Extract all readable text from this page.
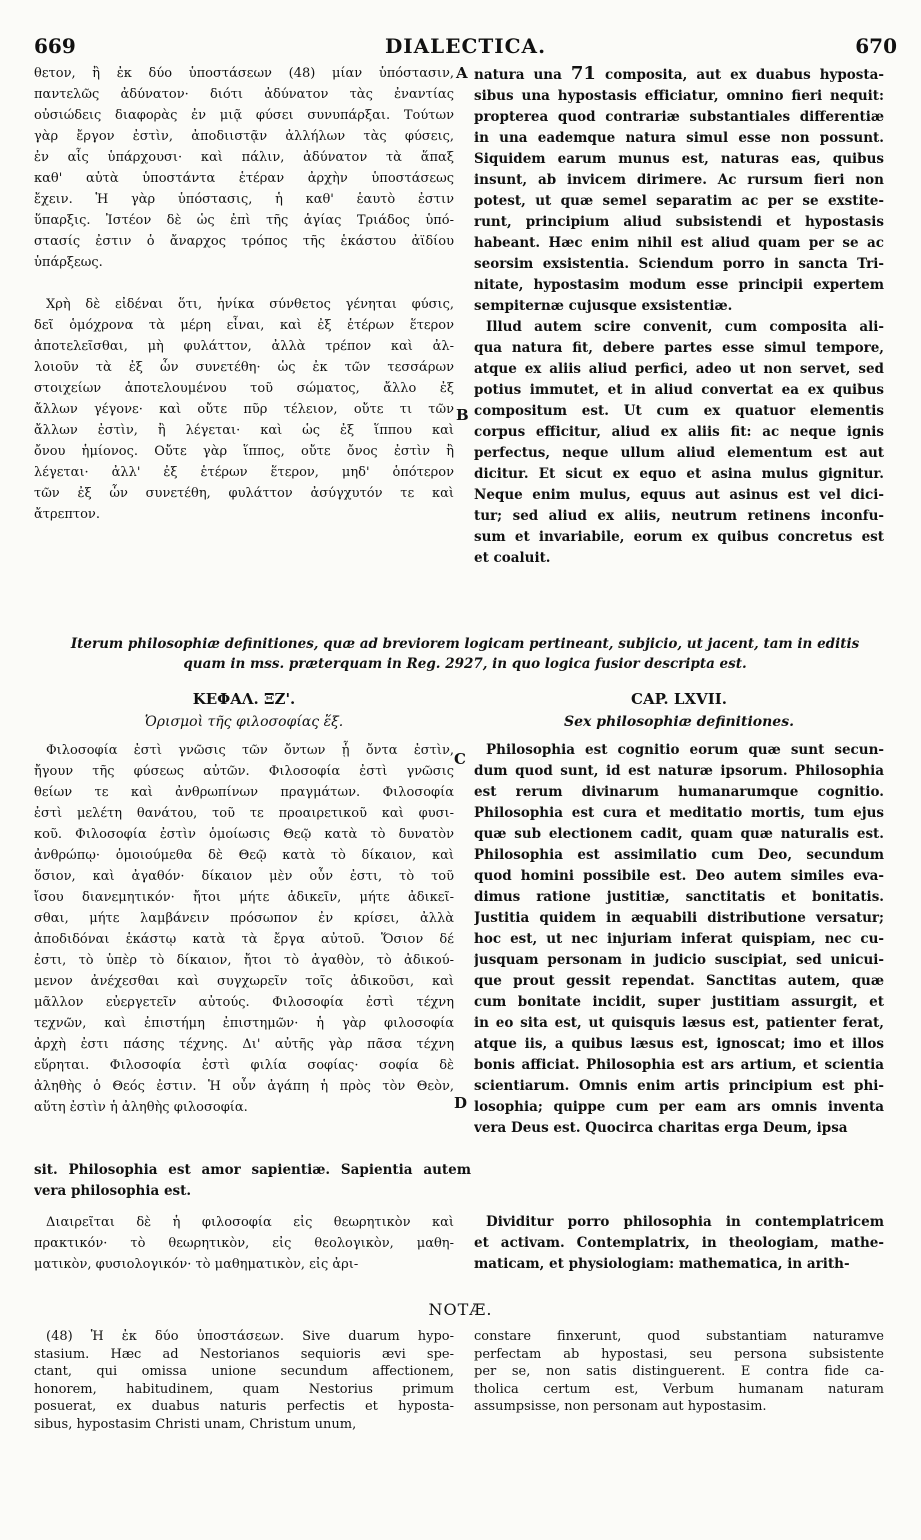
669	DIALECTICA.	670
θετον, ἢ ἐκ δύο ὑποστάσεων (48) μίαν ὑπόστασιν,
παντελῶς ἀδύνατον· διότι ἀδύνατον τὰς ἐναντίας
οὐσιώδεις διαφορὰς ἐν μιᾷ φύσει συνυπάρξαι. Τούτων
γὰρ ἔργον ἐστὶν, ἀποδιιστᾷν ἀλλήλων τὰς φύσεις,
ἐν αἷς ὑπάρχουσι· καὶ πάλιν, ἀδύνατον τὰ ἅπαξ
καθ' αὑτὰ ὑποστάντα ἑτέραν ἀρχὴν ὑποστάσεως
ἔχειν. Ἡ γὰρ ὑπόστασις, ἡ καθ' ἑαυτὸ ἐστιν
ὕπαρξις. Ἰστέον δὲ ὡς ἐπὶ τῆς ἁγίας Τριάδος ὑπό-
στασίς ἐστιν ὁ ἄναρχος τρόπος τῆς ἑκάστου ἀϊδίου
ὑπάρξεως.
Χρὴ δὲ εἰδέναι ὅτι, ἡνίκα σύνθετος γένηται φύσις,
δεῖ ὁμόχρονα τὰ μέρη εἶναι, καὶ ἐξ ἑτέρων ἕτερον
ἀποτελεῖσθαι, μὴ φυλάττον, ἀλλὰ τρέπον καὶ ἀλ-
λοιοῦν τὰ ἐξ ὧν συνετέθη· ὡς ἐκ τῶν τεσσάρων
στοιχείων ἀποτελουμένου τοῦ σώματος, ἄλλο ἐξ
ἄλλων γέγονε· καὶ οὔτε πῦρ τέλειον, οὔτε τι τῶν
ἄλλων ἐστὶν, ἢ λέγεται· καὶ ὡς ἐξ ἵππου καὶ
ὄνου ἡμίονος. Οὔτε γὰρ ἵππος, οὔτε ὄνος ἐστὶν ἢ
λέγεται· ἀλλ' ἐξ ἑτέρων ἕτερον, μηδ' ὁπότερον
τῶν ἐξ ὧν συνετέθη, φυλάττον ἀσύγχυτόν τε καὶ
ἄτρεπτον.
natura una 71 composita, aut ex duabus hyposta-
sibus una hypostasis efficiatur, omnino fieri nequit:
propterea quod contrariæ substantiales differentiæ
in una eademque natura simul esse non possunt.
Siquidem earum munus est, naturas eas, quibus
insunt, ab invicem dirimere. Ac rursum fieri non
potest, ut quæ semel separatim ac per se exstite-
runt, principium aliud subsistendi et hypostasis
habeant. Hæc enim nihil est aliud quam per se ac
seorsim exsistentia. Sciendum porro in sancta Tri-
nitate, hypostasim modum esse principii expertem
sempiternæ cujusque exsistentiæ.
Illud autem scire convenit, cum composita ali-
qua natura fit, debere partes esse simul tempore,
atque ex aliis aliud perfici, adeo ut non servet, sed
potius immutet, et in aliud convertat ea ex quibus
compositum est. Ut cum ex quatuor elementis
corpus efficitur, aliud ex aliis fit: ac neque ignis
perfectus, neque ullum aliud elementum est aut
dicitur. Et sicut ex equo et asina mulus gignitur.
Neque enim mulus, equus aut asinus est vel dici-
tur; sed aliud ex aliis, neutrum retinens inconfu-
sum et invariabile, eorum ex quibus concretus est
et coaluit.
A
B
C
D
Iterum philosophiæ definitiones, quæ ad breviorem logicam pertineant, subjicio, ut jacent, tam in editis
quam in mss. præterquam in Reg. 2927, in quo logica fusior descripta est.
ΚΕΦΑΛ. ΞΖ'.
Ὁρισμοὶ τῆς φιλοσοφίας ἕξ.
CAP. LXVII.
Sex philosophiæ definitiones.
Φιλοσοφία ἐστὶ γνῶσις τῶν ὄντων ᾗ ὄντα ἐστὶν,
ἤγουν τῆς φύσεως αὐτῶν. Φιλοσοφία ἐστὶ γνῶσις
θείων τε καὶ ἀνθρωπίνων πραγμάτων. Φιλοσοφία
ἐστὶ μελέτη θανάτου, τοῦ τε προαιρετικοῦ καὶ φυσι-
κοῦ. Φιλοσοφία ἐστὶν ὁμοίωσις Θεῷ κατὰ τὸ δυνατὸν
ἀνθρώπῳ· ὁμοιούμεθα δὲ Θεῷ κατὰ τὸ δίκαιον, καὶ
ὅσιον, καὶ ἀγαθόν· δίκαιον μὲν οὖν ἐστι, τὸ τοῦ
ἴσου διανεμητικόν· ἤτοι μήτε ἀδικεῖν, μήτε ἀδικεῖ-
σθαι, μήτε λαμβάνειν πρόσωπον ἐν κρίσει, ἀλλὰ
ἀποδιδόναι ἑκάστῳ κατὰ τὰ ἔργα αὐτοῦ. Ὅσιον δέ
ἐστι, τὸ ὑπὲρ τὸ δίκαιον, ἤτοι τὸ ἀγαθὸν, τὸ ἀδικού-
μενον ἀνέχεσθαι καὶ συγχωρεῖν τοῖς ἀδικοῦσι, καὶ
μᾶλλον εὐεργετεῖν αὐτούς. Φιλοσοφία ἐστὶ τέχνη
τεχνῶν, καὶ ἐπιστήμη ἐπιστημῶν· ἡ γὰρ φιλοσοφία
ἀρχὴ ἐστι πάσης τέχνης. Δι' αὐτῆς γὰρ πᾶσα τέχνη
εὕρηται. Φιλοσοφία ἐστὶ φιλία σοφίας· σοφία δὲ
ἀληθὴς ὁ Θεός ἐστιν. Ἡ οὖν ἀγάπη ἡ πρὸς τὸν Θεὸν,
αὕτη ἐστὶν ἡ ἀληθὴς φιλοσοφία.
Philosophia est cognitio eorum quæ sunt secun-
dum quod sunt, id est naturæ ipsorum. Philosophia
est rerum divinarum humanarumque cognitio.
Philosophia est cura et meditatio mortis, tum ejus
quæ sub electionem cadit, quam quæ naturalis est.
Philosophia est assimilatio cum Deo, secundum
quod homini possibile est. Deo autem similes eva-
dimus ratione justitiæ, sanctitatis et bonitatis.
Justitia quidem in æquabili distributione versatur;
hoc est, ut nec injuriam inferat quispiam, nec cu-
jusquam personam in judicio suscipiat, sed unicui-
que prout gessit rependat. Sanctitas autem, quæ
cum bonitate incidit, super justitiam assurgit, et
in eo sita est, ut quisquis læsus est, patienter ferat,
atque iis, a quibus læsus est, ignoscat; imo et illos
bonis afficiat. Philosophia est ars artium, et scientia
scientiarum. Omnis enim artis principium est phi-
losophia; quippe cum per eam ars omnis inventa
vera Deus est. Quocirca charitas erga Deum, ipsa
sit. Philosophia est amor sapientiæ. Sapientia autem
vera philosophia est.
Διαιρεῖται δὲ ἡ φιλοσοφία εἰς θεωρητικὸν καὶ
πρακτικόν· τὸ θεωρητικὸν, εἰς θεολογικὸν, μαθη-
ματικὸν, φυσιολογικόν· τὸ μαθηματικὸν, εἰς ἀρι-
Dividitur porro philosophia in contemplatricem
et activam. Contemplatrix, in theologiam, mathe-
maticam, et physiologiam: mathematica, in arith-
NOTÆ.
(48) Ἡ ἐκ δύο ὑποστάσεων. Sive duarum hypo-
stasium. Hæc ad Nestorianos sequioris ævi spe-
ctant, qui omissa unione secundum affectionem,
honorem, habitudinem, quam Nestorius primum
posuerat, ex duabus naturis perfectis et hyposta-
sibus, hypostasim Christi unam, Christum unum,
constare finxerunt, quod substantiam naturamve
perfectam ab hypostasi, seu persona subsistente
per se, non satis distinguerent. E contra fide ca-
tholica certum est, Verbum humanam naturam
assumpsisse, non personam aut hypostasim.
